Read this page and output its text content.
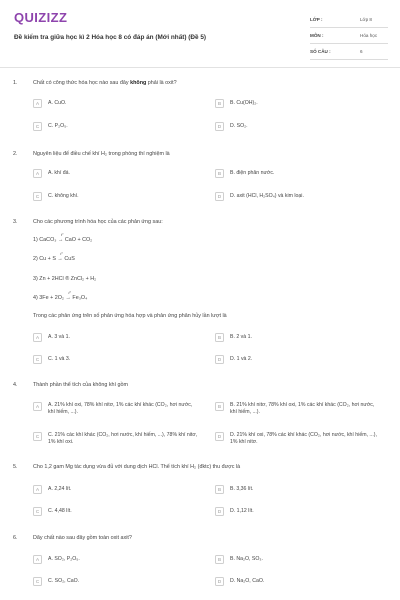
QUIZIZZ
Đề kiểm tra giữa học kì 2 Hóa học 8 có đáp án (Mới nhất) (Đề 5)
LỚP :	Lớp 8
MÔN :	Hóa học
SỐ CÂU :	6
1.	Chất có công thức hóa học nào sau đây không phải là oxit?
A	A. CuO.	B	B. Cu(OH)₂.
C	C. P₂O₅.	D	D. SO₂.
2.	Nguyên liệu để điều chế khí H₂ trong phòng thí nghiệm là
A	A. khí đá.	B	B. điện phân nước.
C	C. không khí.	D	D. axit (HCl, H₂SO₄) và kim loại.
3.	Cho các phương trình hóa học của các phản ứng sau:
1) CaCO₃ →
t°
CaO + CO₂
2) Cu + S →
t°
CuS
3) Zn + 2HCl ® ZnCl₂ + H₂
4) 3Fe + 2O₂ →
t°
Fe₃O₄
Trong các phản ứng trên số phản ứng hóa hợp và phản ứng phân hủy lần lượt là
A	A. 3 và 1.	B	B. 2 và 1.
C	C. 1 và 3.	D	D. 1 và 2.
4.	Thành phần thể tích của không khí gồm
A	A. 21% khí oxi, 78% khí nitơ, 1% các khí khác (CO₂, hơi nước, khí hiếm, ...).
B	B. 21% khí nitơ, 78% khí oxi, 1% các khí khác (CO₂, hơi nước, khí hiếm, ...).
C	C. 21% các khí khác (CO₂, hơi nước, khí hiếm, ...), 78% khí nitơ, 1% khí oxi.
D	D. 21% khí oxi, 78% các khí khác (CO₂, hơi nước, khí hiếm, ...), 1% khí nitơ.
5.	Cho 1,2 gam Mg tác dụng vừa đủ với dung dịch HCl. Thể tích khí H₂ (đktc) thu được là
A	A. 2,24 lít.	B	B. 3,36 lít.
C	C. 4,48 lít.	D	D. 1,12 lít.
6.	Dãy chất nào sau đây gồm toàn oxit axit?
A	A. SO₂, P₂O₅.	B	B. Na₂O, SO₃.
C	C. SO₂, CaO.	D	D. Na₂O, CaO.
